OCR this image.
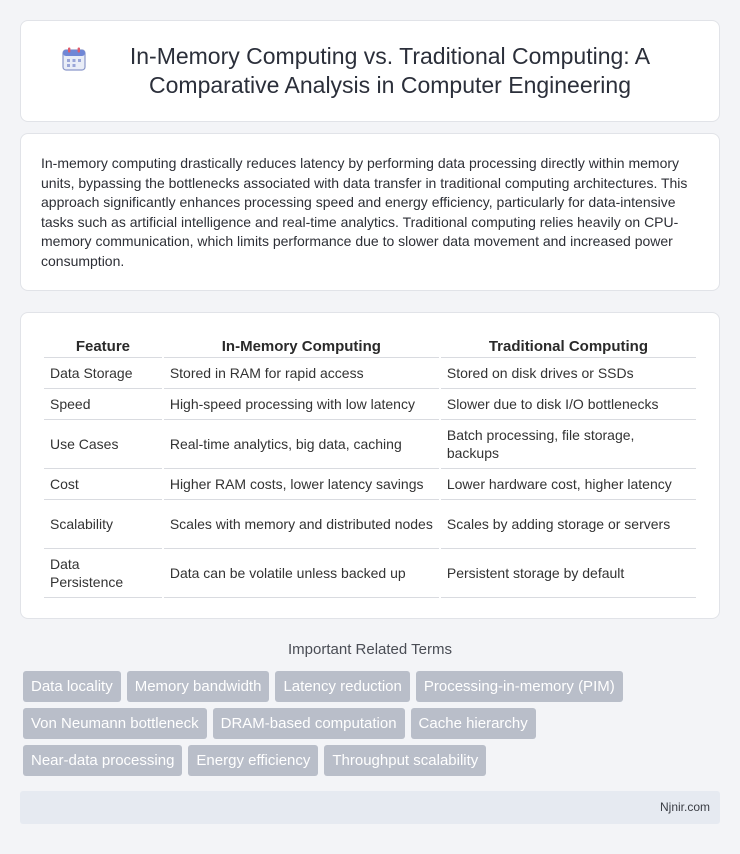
In-Memory Computing vs. Traditional Computing: A Comparative Analysis in Computer Engineering

In-memory computing drastically reduces latency by performing data processing directly within memory units, bypassing the bottlenecks associated with data transfer in traditional computing architectures. This approach significantly enhances processing speed and energy efficiency, particularly for data-intensive tasks such as artificial intelligence and real-time analytics. Traditional computing relies heavily on CPU-memory communication, which limits performance due to slower data movement and increased power consumption.

Feature	In-Memory Computing	Traditional Computing
Data Storage	Stored in RAM for rapid access	Stored on disk drives or SSDs
Speed	High-speed processing with low latency	Slower due to disk I/O bottlenecks
Use Cases	Real-time analytics, big data, caching	Batch processing, file storage, backups
Cost	Higher RAM costs, lower latency savings	Lower hardware cost, higher latency
Scalability	Scales with memory and distributed nodes	Scales by adding storage or servers
Data Persistence	Data can be volatile unless backed up	Persistent storage by default
Important Related Terms
Data locality	Memory bandwidth	Latency reduction	Processing-in-memory (PIM)
Von Neumann bottleneck	DRAM-based computation	Cache hierarchy
Near-data processing	Energy efficiency	Throughput scalability
Njnir.com
